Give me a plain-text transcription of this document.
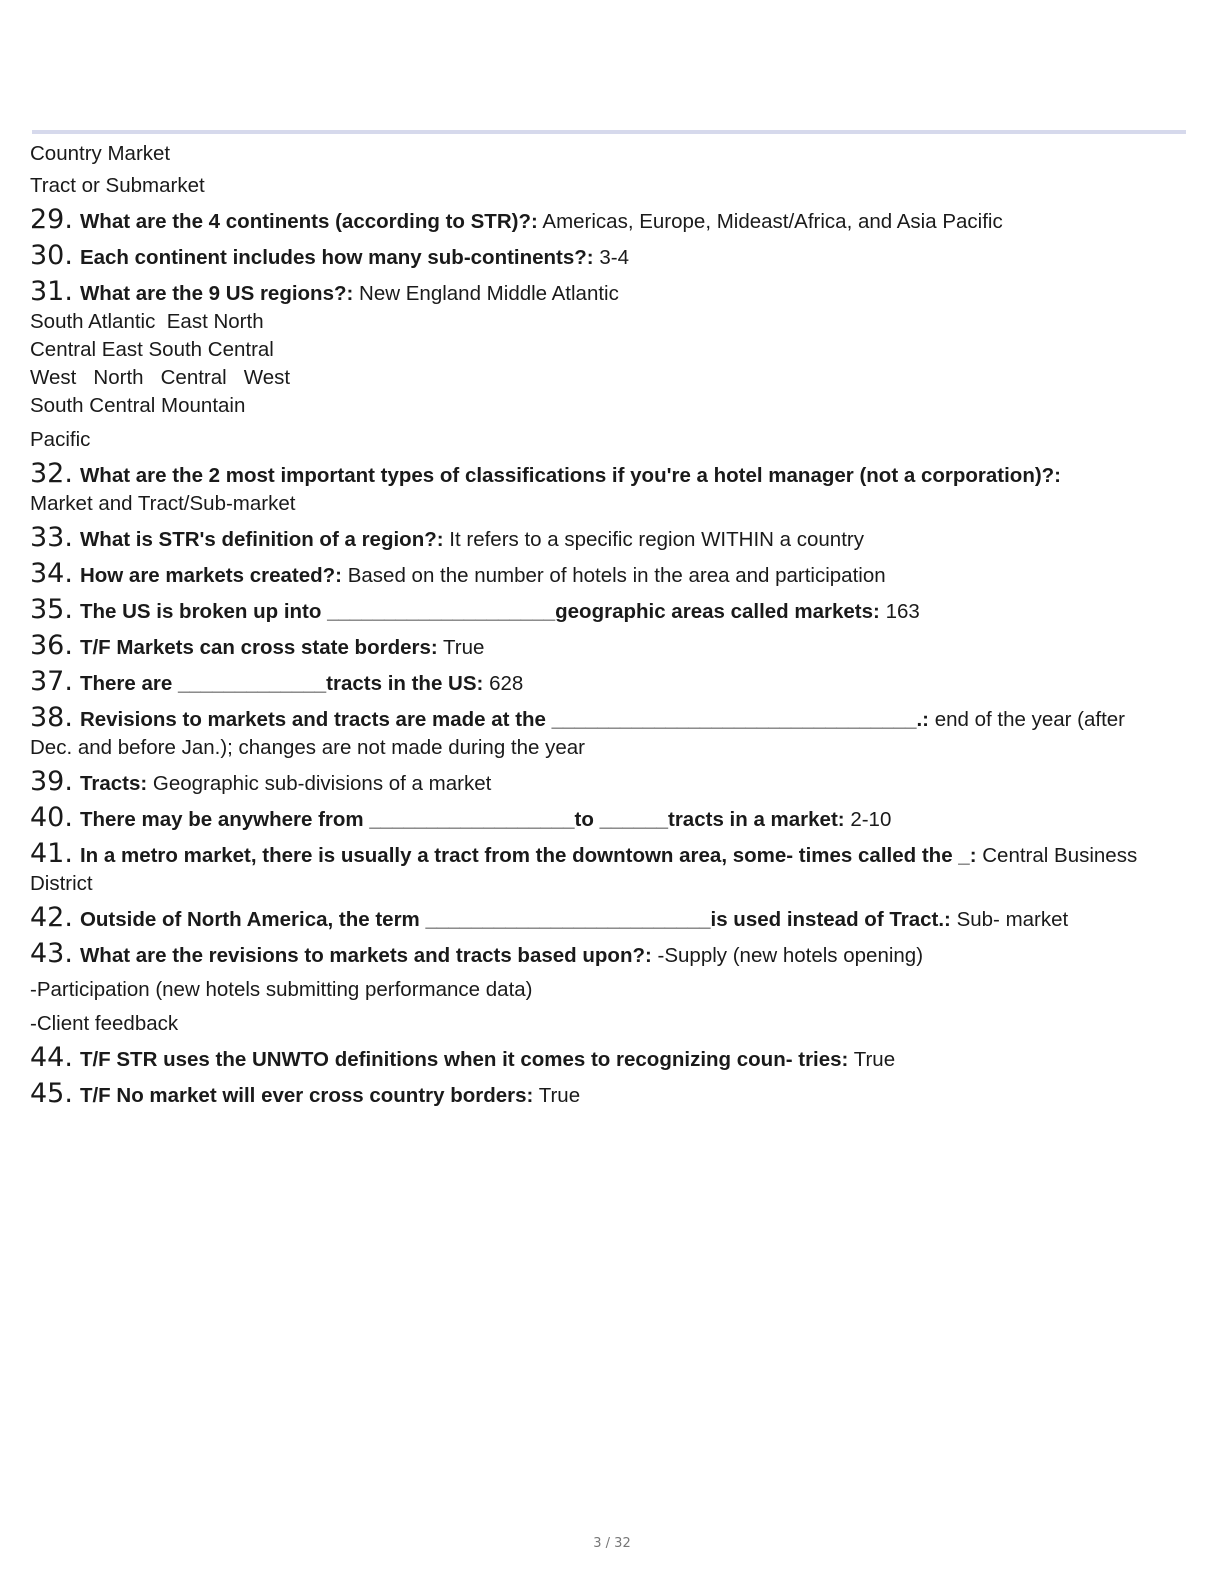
Country Market
Tract or Submarket
29. What are the 4 continents (according to STR)?: Americas, Europe, Mideast/Africa, and Asia Pacific
30. Each continent includes how many sub-continents?: 3-4
31. What are the 9 US regions?: New England Middle Atlantic
South Atlantic  East North
Central East South Central
West   North   Central   West
South Central Mountain
Pacific
32. What are the 2 most important types of classifications if you're a hotel manager (not a corporation)?:
Market and Tract/Sub-market
33. What is STR's definition of a region?: It refers to a specific region WITHIN a country
34. How are markets created?: Based on the number of hotels in the area and participation
35. The US is broken up into ____________________geographic areas called markets: 163
36. T/F Markets can cross state borders: True
37. There are _____________tracts in the US: 628
38. Revisions to markets and tracts are made at the ________________________________.: end of the year (after
Dec. and before Jan.); changes are not made during the year
39. Tracts: Geographic sub-divisions of a market
40. There may be anywhere from __________________to ______tracts in a market: 2-10
41. In a metro market, there is usually a tract from the downtown area, some- times called the _: Central Business
District
42. Outside of North America, the term _________________________is used instead of Tract.: Sub- market
43. What are the revisions to markets and tracts based upon?: -Supply (new hotels opening)
-Participation (new hotels submitting performance data)
-Client feedback
44. T/F STR uses the UNWTO definitions when it comes to recognizing coun- tries: True
45. T/F No market will ever cross country borders: True
3 / 32
